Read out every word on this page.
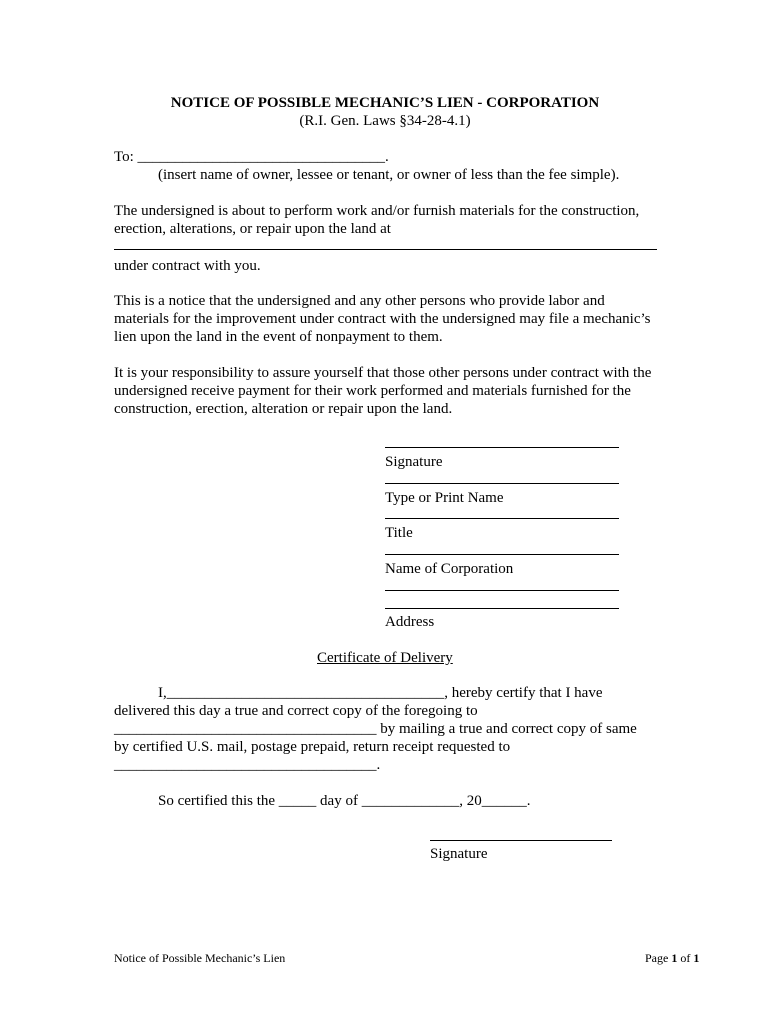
NOTICE OF POSSIBLE MECHANIC’S LIEN - CORPORATION

(R.I. Gen. Laws §34-28-4.1)

To: _________________________________.

(insert name of owner, lessee or tenant, or owner of less than the fee simple).

The undersigned is about to perform work and/or furnish materials for the construction,

erection, alterations, or repair upon the land at

under contract with you.

This is a notice that the undersigned and any other persons who provide labor and

materials for the improvement under contract with the undersigned may file a mechanic’s

lien upon the land in the event of nonpayment to them.

It is your responsibility to assure yourself that those other persons under contract with the

undersigned receive payment for their work performed and materials furnished for the

construction, erection, alteration or repair upon the land.

Signature

Type or Print Name

Title

Name of Corporation

Address

Certificate of Delivery

I,_____________________________________, hereby certify that I have

delivered this day a true and correct copy of the foregoing to

___________________________________ by mailing a true and correct copy of same

by certified U.S. mail, postage prepaid, return receipt requested to

___________________________________.

So certified this the _____ day of _____________, 20______.

Signature

Notice of Possible Mechanic’s Lien	Page 1 of 1
